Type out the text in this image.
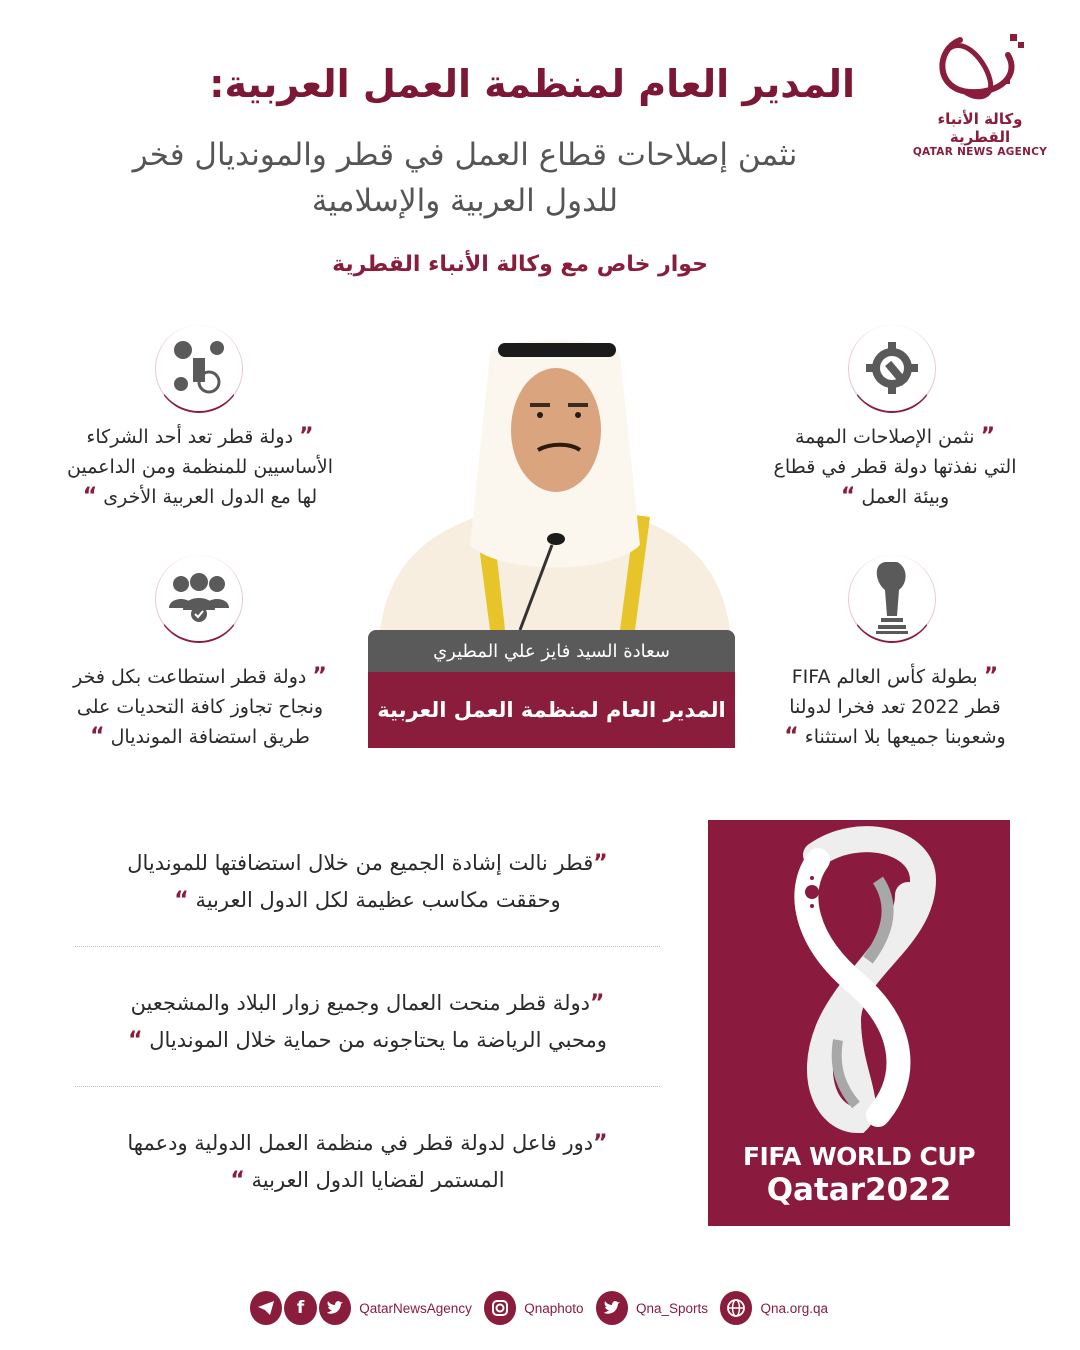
وكالة الأنباء القطرية
QATAR NEWS AGENCY
المدير العام لمنظمة العمل العربية:
نثمن إصلاحات قطاع العمل في قطر والمونديال فخر
للدول العربية والإسلامية
حوار خاص مع وكالة الأنباء القطرية
” نثمن الإصلاحات المهمة
التي نفذتها دولة قطر في قطاع
وبيئة العمل “
” دولة قطر تعد أحد الشركاء
الأساسيين للمنظمة ومن الداعمين
لها مع الدول العربية الأخرى “
” بطولة كأس العالم FIFA
قطر 2022 تعد فخرا لدولنا
وشعوبنا جميعها بلا استثناء “
” دولة قطر استطاعت بكل فخر
ونجاح تجاوز كافة التحديات على
طريق استضافة المونديال “
سعادة السيد فايز علي المطيري
المدير العام لمنظمة العمل العربية
”قطر نالت إشادة الجميع من خلال استضافتها للمونديال
وحققت مكاسب عظيمة لكل الدول العربية “
”دولة قطر منحت العمال وجميع زوار البلاد والمشجعين
ومحبي الرياضة ما يحتاجونه من حماية خلال المونديال “
”دور فاعل لدولة قطر في منظمة العمل الدولية ودعمها
المستمر لقضايا الدول العربية “
FIFA WORLD CUP
Qatar2022
f	QatarNewsAgency	Qnaphoto	Qna_Sports	Qna.org.qa
